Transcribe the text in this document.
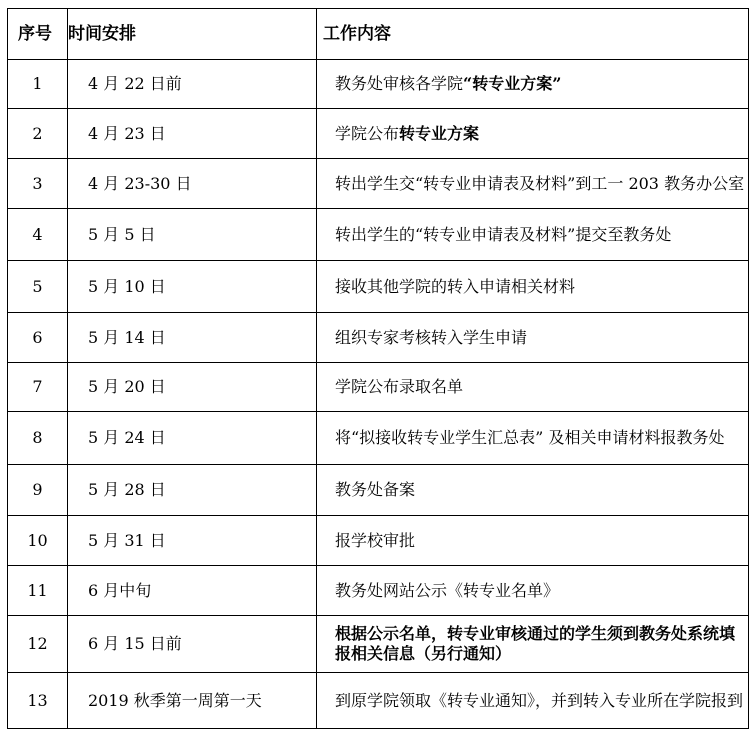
序号	时间安排	工作内容
1	4 月 22 日前	教务处审核各学院“转专业方案”
2	4 月 23 日	学院公布转专业方案
3	4 月 23-30 日	转出学生交“转专业申请表及材料”到工一 203 教务办公室
4	5 月 5 日	转出学生的“转专业申请表及材料”提交至教务处
5	5 月 10 日	接收其他学院的转入申请相关材料
6	5 月 14 日	组织专家考核转入学生申请
7	5 月 20 日	学院公布录取名单
8	5 月 24 日	将“拟接收转专业学生汇总表” 及相关申请材料报教务处
9	5 月 28 日	教务处备案
10	5 月 31 日	报学校审批
11	6 月中旬	教务处网站公示《转专业名单》
12	6 月 15 日前	根据公示名单，转专业审核通过的学生须到教务处系统填报相关信息（另行通知）
13	2019 秋季第一周第一天	到原学院领取《转专业通知》，并到转入专业所在学院报到
